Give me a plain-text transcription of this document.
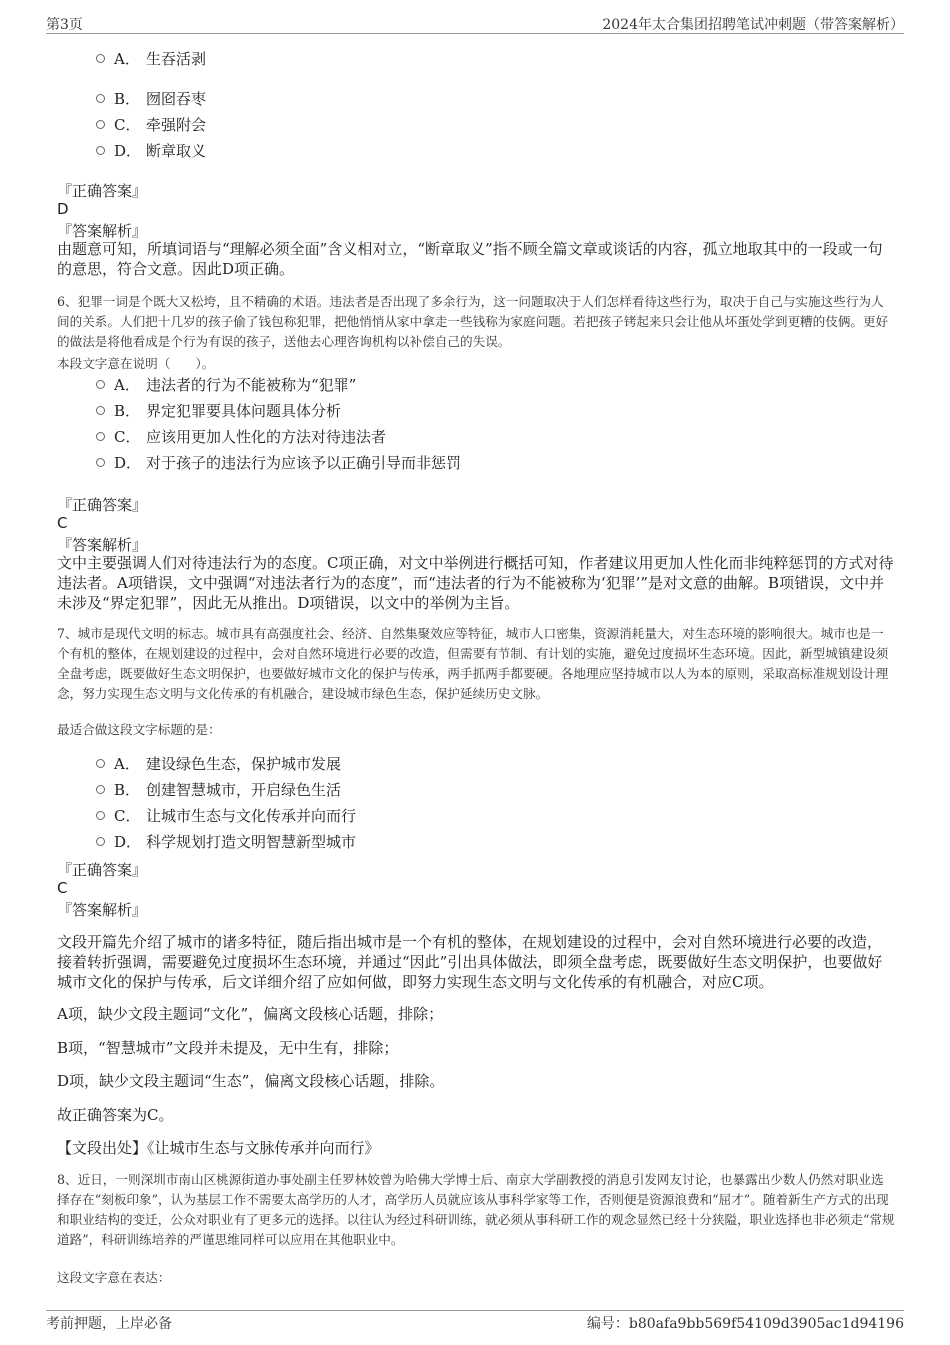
第3页	2024年太合集团招聘笔试冲刺题（带答案解析）
A． 生吞活剥
B． 囫囵吞枣
C． 牵强附会
D． 断章取义
『正确答案』
D
『答案解析』
由题意可知，所填词语与“理解必须全面”含义相对立，“断章取义”指不顾全篇文章或谈话的内容，孤立地取其中的一段或一句的意思，符合文意。因此D项正确。
6、犯罪一词是个既大又松垮，且不精确的术语。违法者是否出现了多余行为，这一问题取决于人们怎样看待这些行为，取决于自己与实施这些行为人间的关系。人们把十几岁的孩子偷了钱包称犯罪，把他悄悄从家中拿走一些钱称为家庭问题。若把孩子铐起来只会让他从坏蛋处学到更糟的伎俩。更好的做法是将他看成是个行为有误的孩子，送他去心理咨询机构以补偿自己的失误。
本段文字意在说明（　　）。
A． 违法者的行为不能被称为“犯罪”
B． 界定犯罪要具体问题具体分析
C． 应该用更加人性化的方法对待违法者
D． 对于孩子的违法行为应该予以正确引导而非惩罚
『正确答案』
C
『答案解析』
文中主要强调人们对待违法行为的态度。C项正确，对文中举例进行概括可知，作者建议用更加人性化而非纯粹惩罚的方式对待违法者。A项错误，文中强调“对违法者行为的态度”，而“违法者的行为不能被称为‘犯罪’”是对文意的曲解。B项错误，文中并未涉及“界定犯罪”，因此无从推出。D项错误，以文中的举例为主旨。
7、城市是现代文明的标志。城市具有高强度社会、经济、自然集聚效应等特征，城市人口密集，资源消耗量大，对生态环境的影响很大。城市也是一个有机的整体，在规划建设的过程中，会对自然环境进行必要的改造，但需要有节制、有计划的实施，避免过度损坏生态环境。因此，新型城镇建设须全盘考虑，既要做好生态文明保护，也要做好城市文化的保护与传承，两手抓两手都要硬。各地理应坚持城市以人为本的原则，采取高标准规划设计理念，努力实现生态文明与文化传承的有机融合，建设城市绿色生态，保护延续历史文脉。
最适合做这段文字标题的是：
A． 建设绿色生态，保护城市发展
B． 创建智慧城市，开启绿色生活
C． 让城市生态与文化传承并向而行
D． 科学规划打造文明智慧新型城市
『正确答案』
C
『答案解析』
文段开篇先介绍了城市的诸多特征，随后指出城市是一个有机的整体，在规划建设的过程中，会对自然环境进行必要的改造，接着转折强调，需要避免过度损坏生态环境，并通过“因此”引出具体做法，即须全盘考虑，既要做好生态文明保护，也要做好城市文化的保护与传承，后文详细介绍了应如何做，即努力实现生态文明与文化传承的有机融合，对应C项。
A项，缺少文段主题词“文化”，偏离文段核心话题，排除；
B项，“智慧城市”文段并未提及，无中生有，排除；
D项，缺少文段主题词“生态”，偏离文段核心话题，排除。
故正确答案为C。
【文段出处】《让城市生态与文脉传承并向而行》
8、近日，一则深圳市南山区桃源街道办事处副主任罗林姣曾为哈佛大学博士后、南京大学副教授的消息引发网友讨论，也暴露出少数人仍然对职业选择存在“刻板印象”，认为基层工作不需要太高学历的人才，高学历人员就应该从事科学家等工作，否则便是资源浪费和“屈才”。随着新生产方式的出现和职业结构的变迁，公众对职业有了更多元的选择。以往认为经过科研训练，就必须从事科研工作的观念显然已经十分狭隘，职业选择也非必须走“常规道路”，科研训练培养的严谨思维同样可以应用在其他职业中。
这段文字意在表达：
考前押题，上岸必备	编号：b80afa9bb569f54109d3905ac1d94196
